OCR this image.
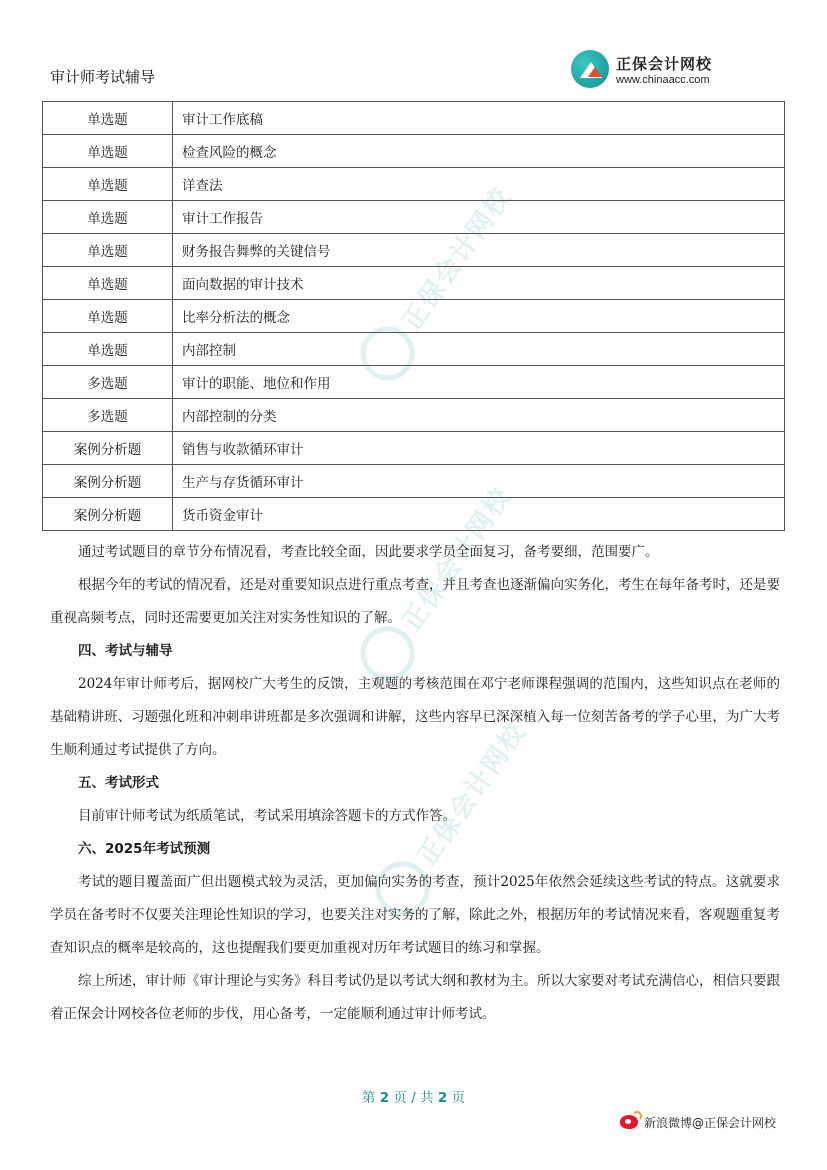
审计师考试辅导
正保会计网校
www.chinaacc.com
正保会计网校
正保会计网校
正保会计网校
单选题	审计工作底稿
单选题	检查风险的概念
单选题	详查法
单选题	审计工作报告
单选题	财务报告舞弊的关键信号
单选题	面向数据的审计技术
单选题	比率分析法的概念
单选题	内部控制
多选题	审计的职能、地位和作用
多选题	内部控制的分类
案例分析题	销售与收款循环审计
案例分析题	生产与存货循环审计
案例分析题	货币资金审计

通过考试题目的章节分布情况看，考查比较全面，因此要求学员全面复习，备考要细，范围要广。

根据今年的考试的情况看，还是对重要知识点进行重点考查，并且考查也逐渐偏向实务化，考生在每年备考时，还是要重视高频考点，同时还需要更加关注对实务性知识的了解。

四、考试与辅导

2024年审计师考后，据网校广大考生的反馈，主观题的考核范围在邓宁老师课程强调的范围内，这些知识点在老师的基础精讲班、习题强化班和冲刺串讲班都是多次强调和讲解，这些内容早已深深植入每一位刻苦备考的学子心里，为广大考生顺利通过考试提供了方向。

五、考试形式

目前审计师考试为纸质笔试，考试采用填涂答题卡的方式作答。

六、2025年考试预测

考试的题目覆盖面广但出题模式较为灵活，更加偏向实务的考查，预计2025年依然会延续这些考试的特点。这就要求学员在备考时不仅要关注理论性知识的学习，也要关注对实务的了解，除此之外，根据历年的考试情况来看，客观题重复考查知识点的概率是较高的，这也提醒我们要更加重视对历年考试题目的练习和掌握。

综上所述，审计师《审计理论与实务》科目考试仍是以考试大纲和教材为主。所以大家要对考试充满信心，相信只要跟着正保会计网校各位老师的步伐，用心备考，一定能顺利通过审计师考试。

第 2 页 / 共 2 页
新浪微博@正保会计网校
